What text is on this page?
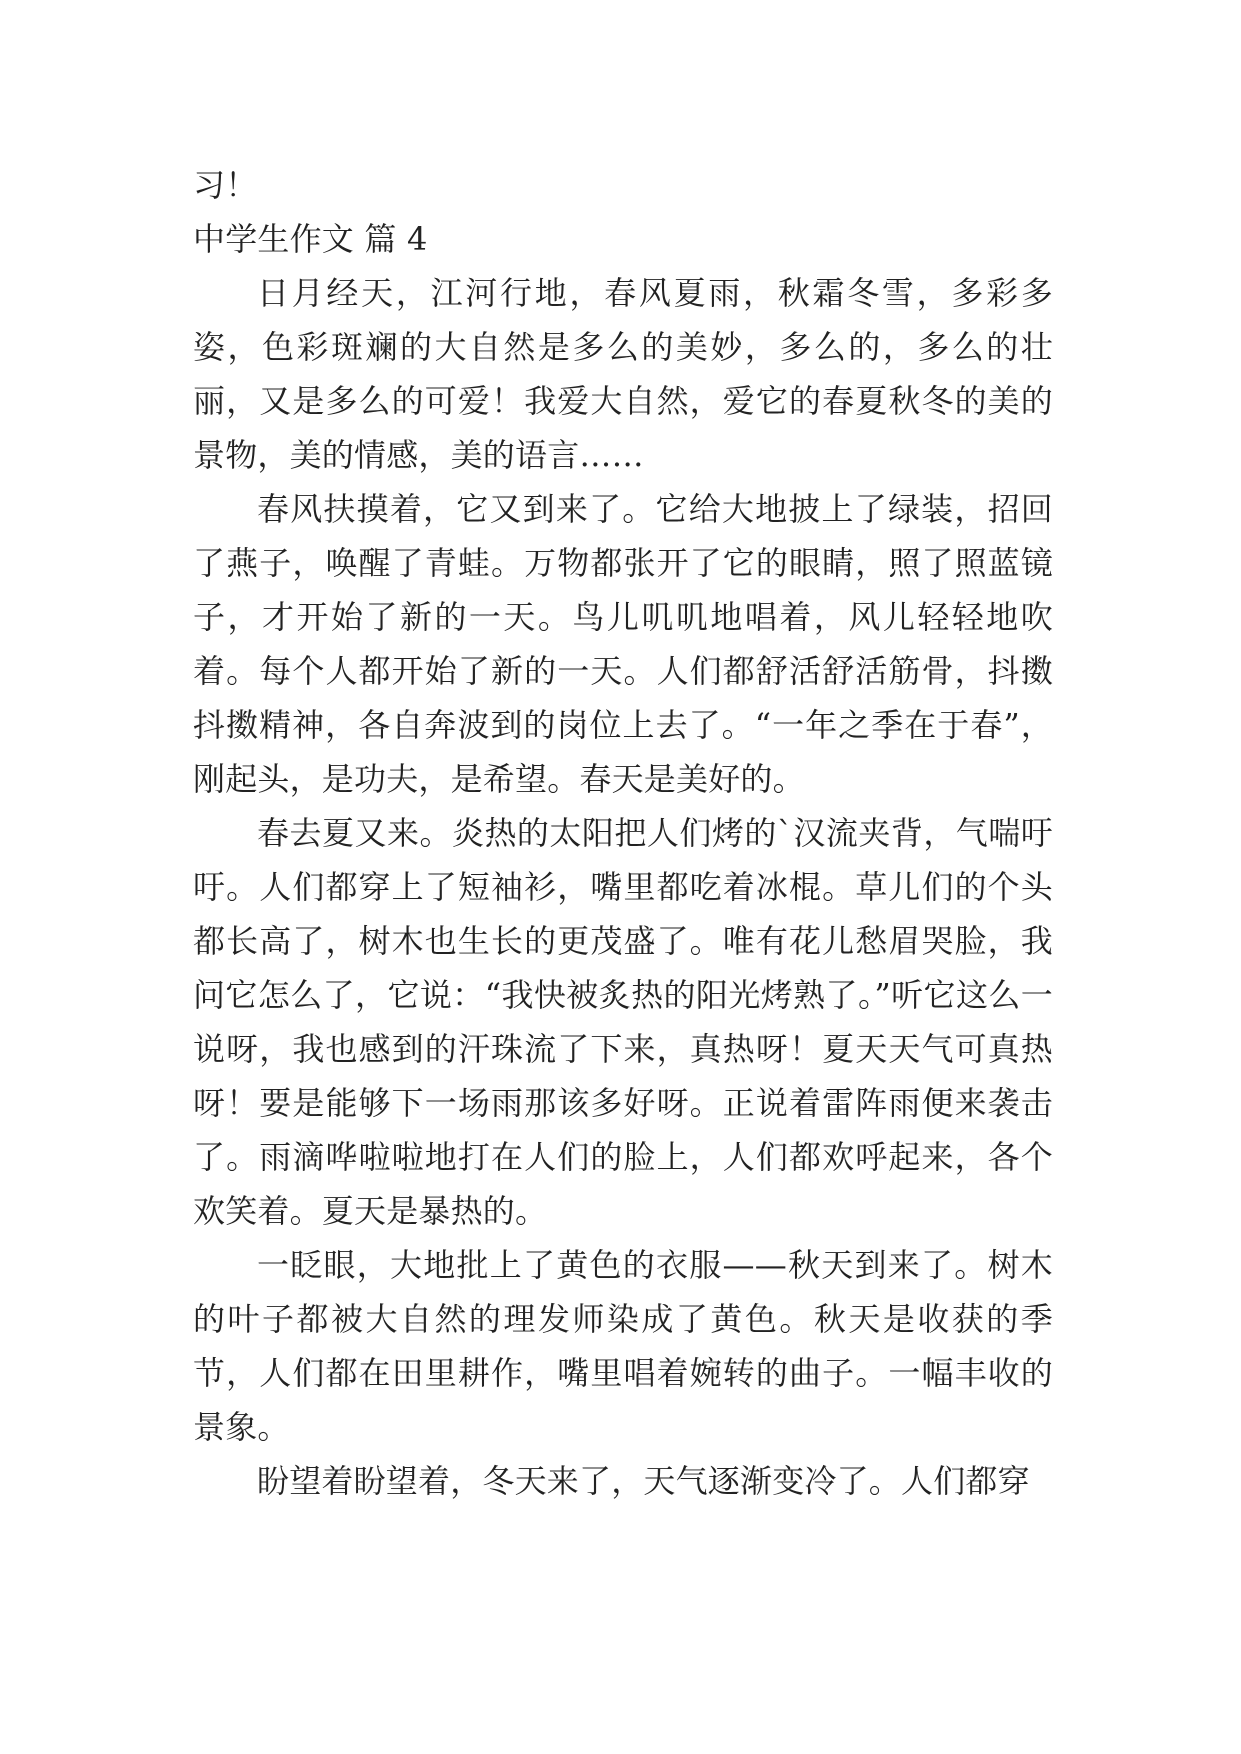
习！
中学生作文 篇 4

日月经天，江河行地，春风夏雨，秋霜冬雪，多彩多姿，色彩斑斓的大自然是多么的美妙，多么的，多么的壮丽，又是多么的可爱！我爱大自然，爱它的春夏秋冬的美的景物，美的情感，美的语言……

春风扶摸着，它又到来了。它给大地披上了绿装，招回了燕子，唤醒了青蛙。万物都张开了它的眼睛，照了照蓝镜子，才开始了新的一天。鸟儿叽叽地唱着，风儿轻轻地吹着。每个人都开始了新的一天。人们都舒活舒活筋骨，抖擞抖擞精神，各自奔波到的岗位上去了。“一年之季在于春”，刚起头，是功夫，是希望。春天是美好的。

春去夏又来。炎热的太阳把人们烤的`汉流夹背，气喘吁吁。人们都穿上了短袖衫，嘴里都吃着冰棍。草儿们的个头都长高了，树木也生长的更茂盛了。唯有花儿愁眉哭脸，我问它怎么了，它说：“我快被炙热的阳光烤熟了。”听它这么一说呀，我也感到的汗珠流了下来，真热呀！夏天天气可真热呀！要是能够下一场雨那该多好呀。正说着雷阵雨便来袭击了。雨滴哗啦啦地打在人们的脸上，人们都欢呼起来，各个欢笑着。夏天是暴热的。

一眨眼，大地批上了黄色的衣服——秋天到来了。树木的叶子都被大自然的理发师染成了黄色。秋天是收获的季节，人们都在田里耕作，嘴里唱着婉转的曲子。一幅丰收的景象。

盼望着盼望着，冬天来了，天气逐渐变冷了。人们都穿
